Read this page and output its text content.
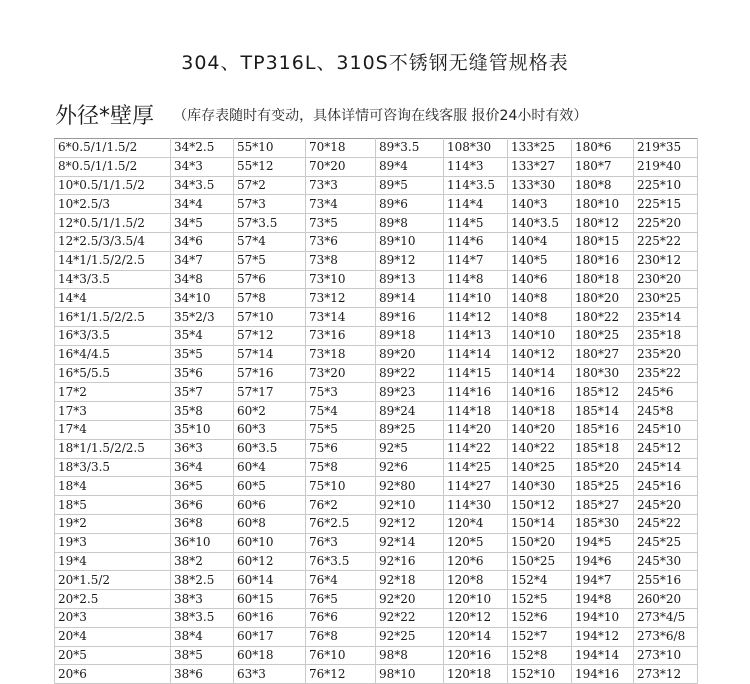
304、TP316L、310S不锈钢无缝管规格表
外径*壁厚 （库存表随时有变动，具体详情可咨询在线客服 报价24小时有效）
6*0.5/1/1.5/2	34*2.5	55*10	70*18	89*3.5	108*30	133*25	180*6	219*35
8*0.5/1/1.5/2	34*3	55*12	70*20	89*4	114*3	133*27	180*7	219*40
10*0.5/1/1.5/2	34*3.5	57*2	73*3	89*5	114*3.5	133*30	180*8	225*10
10*2.5/3	34*4	57*3	73*4	89*6	114*4	140*3	180*10	225*15
12*0.5/1/1.5/2	34*5	57*3.5	73*5	89*8	114*5	140*3.5	180*12	225*20
12*2.5/3/3.5/4	34*6	57*4	73*6	89*10	114*6	140*4	180*15	225*22
14*1/1.5/2/2.5	34*7	57*5	73*8	89*12	114*7	140*5	180*16	230*12
14*3/3.5	34*8	57*6	73*10	89*13	114*8	140*6	180*18	230*20
14*4	34*10	57*8	73*12	89*14	114*10	140*8	180*20	230*25
16*1/1.5/2/2.5	35*2/3	57*10	73*14	89*16	114*12	140*8	180*22	235*14
16*3/3.5	35*4	57*12	73*16	89*18	114*13	140*10	180*25	235*18
16*4/4.5	35*5	57*14	73*18	89*20	114*14	140*12	180*27	235*20
16*5/5.5	35*6	57*16	73*20	89*22	114*15	140*14	180*30	235*22
17*2	35*7	57*17	75*3	89*23	114*16	140*16	185*12	245*6
17*3	35*8	60*2	75*4	89*24	114*18	140*18	185*14	245*8
17*4	35*10	60*3	75*5	89*25	114*20	140*20	185*16	245*10
18*1/1.5/2/2.5	36*3	60*3.5	75*6	92*5	114*22	140*22	185*18	245*12
18*3/3.5	36*4	60*4	75*8	92*6	114*25	140*25	185*20	245*14
18*4	36*5	60*5	75*10	92*80	114*27	140*30	185*25	245*16
18*5	36*6	60*6	76*2	92*10	114*30	150*12	185*27	245*20
19*2	36*8	60*8	76*2.5	92*12	120*4	150*14	185*30	245*22
19*3	36*10	60*10	76*3	92*14	120*5	150*20	194*5	245*25
19*4	38*2	60*12	76*3.5	92*16	120*6	150*25	194*6	245*30
20*1.5/2	38*2.5	60*14	76*4	92*18	120*8	152*4	194*7	255*16
20*2.5	38*3	60*15	76*5	92*20	120*10	152*5	194*8	260*20
20*3	38*3.5	60*16	76*6	92*22	120*12	152*6	194*10	273*4/5
20*4	38*4	60*17	76*8	92*25	120*14	152*7	194*12	273*6/8
20*5	38*5	60*18	76*10	98*8	120*16	152*8	194*14	273*10
20*6	38*6	63*3	76*12	98*10	120*18	152*10	194*16	273*12
